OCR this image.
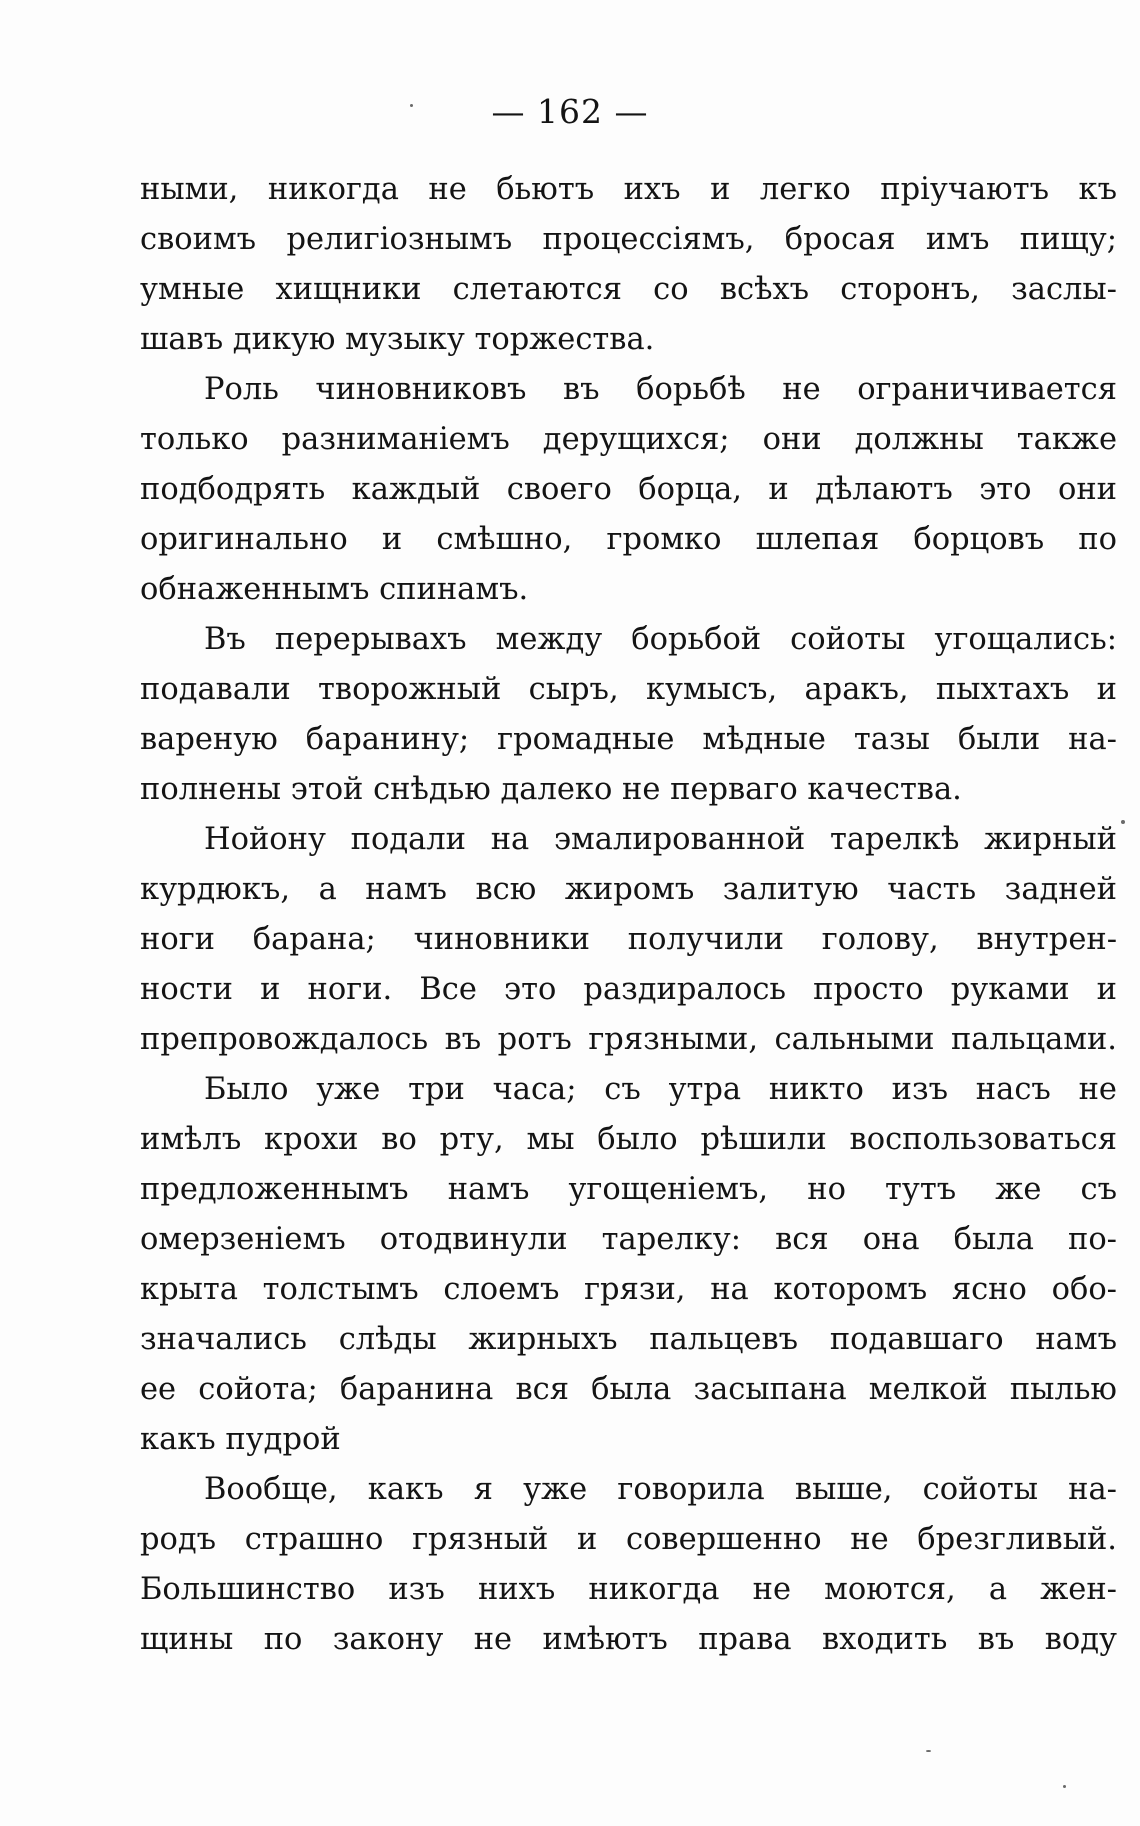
— 162 —
ными, никогда не бьютъ ихъ и легко пріучаютъ къ
своимъ религіознымъ процессіямъ, бросая имъ пищу;
умные хищники слетаются со всѣхъ сторонъ, заслы-
шавъ дикую музыку торжества.
Роль чиновниковъ въ борьбѣ не ограничивается
только разниманіемъ дерущихся; они должны также
подбодрять каждый своего борца, и дѣлаютъ это они
оригинально и смѣшно, громко шлепая борцовъ по
обнаженнымъ спинамъ.
Въ перерывахъ между борьбой сойоты угощались:
подавали творожный сыръ, кумысъ, аракъ, пыхтахъ и
вареную баранину; громадные мѣдные тазы были на-
полнены этой снѣдью далеко не перваго качества.
Нойону подали на эмалированной тарелкѣ жирный
курдюкъ, а намъ всю жиромъ залитую часть задней
ноги барана; чиновники получили голову, внутрен-
ности и ноги. Все это раздиралось просто руками и
препровождалось въ ротъ грязными, сальными пальцами.
Было уже три часа; съ утра никто изъ насъ не
имѣлъ крохи во рту, мы было рѣшили воспользоваться
предложеннымъ намъ угощеніемъ, но тутъ же съ
омерзеніемъ отодвинули тарелку: вся она была по-
крыта толстымъ слоемъ грязи, на которомъ ясно обо-
значались слѣды жирныхъ пальцевъ подавшаго намъ
ее сойота; баранина вся была засыпана мелкой пылью
какъ пудрой
Вообще, какъ я уже говорила выше, сойоты на-
родъ страшно грязный и совершенно не брезгливый.
Большинство изъ нихъ никогда не моются, а жен-
щины по закону не имѣютъ права входить въ воду
